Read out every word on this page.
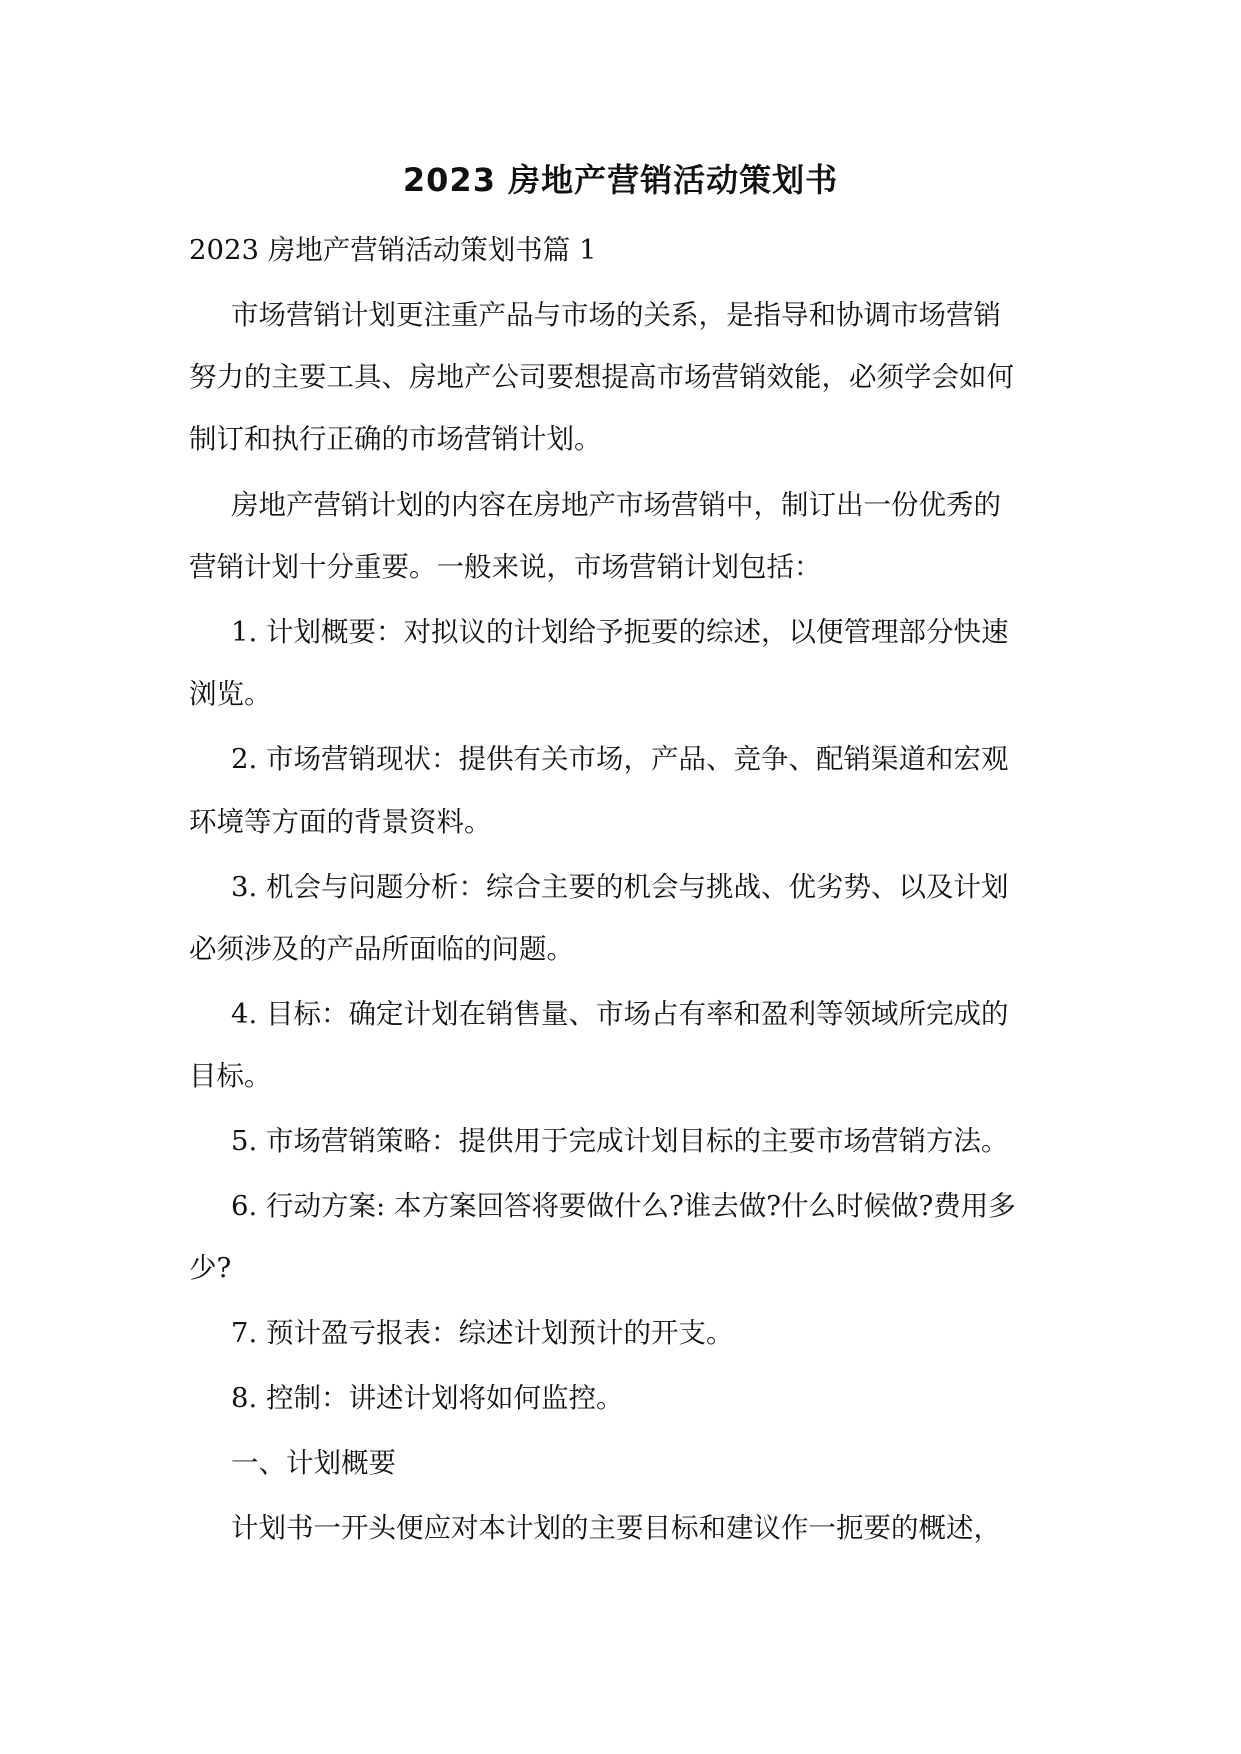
2023 房地产营销活动策划书
2023 房地产营销活动策划书篇 1
市场营销计划更注重产品与市场的关系，是指导和协调市场营销
努力的主要工具、房地产公司要想提高市场营销效能，必须学会如何
制订和执行正确的市场营销计划。
房地产营销计划的内容在房地产市场营销中，制订出一份优秀的
营销计划十分重要。一般来说，市场营销计划包括：
1. 计划概要：对拟议的计划给予扼要的综述，以便管理部分快速
浏览。
2. 市场营销现状：提供有关市场，产品、竞争、配销渠道和宏观
环境等方面的背景资料。
3. 机会与问题分析：综合主要的机会与挑战、优劣势、以及计划
必须涉及的产品所面临的问题。
4. 目标：确定计划在销售量、市场占有率和盈利等领域所完成的
目标。
5. 市场营销策略：提供用于完成计划目标的主要市场营销方法。
6. 行动方案: 本方案回答将要做什么?谁去做?什么时候做?费用多
少?
7. 预计盈亏报表：综述计划预计的开支。
8. 控制：讲述计划将如何监控。
一、计划概要
计划书一开头便应对本计划的主要目标和建议作一扼要的概述，
